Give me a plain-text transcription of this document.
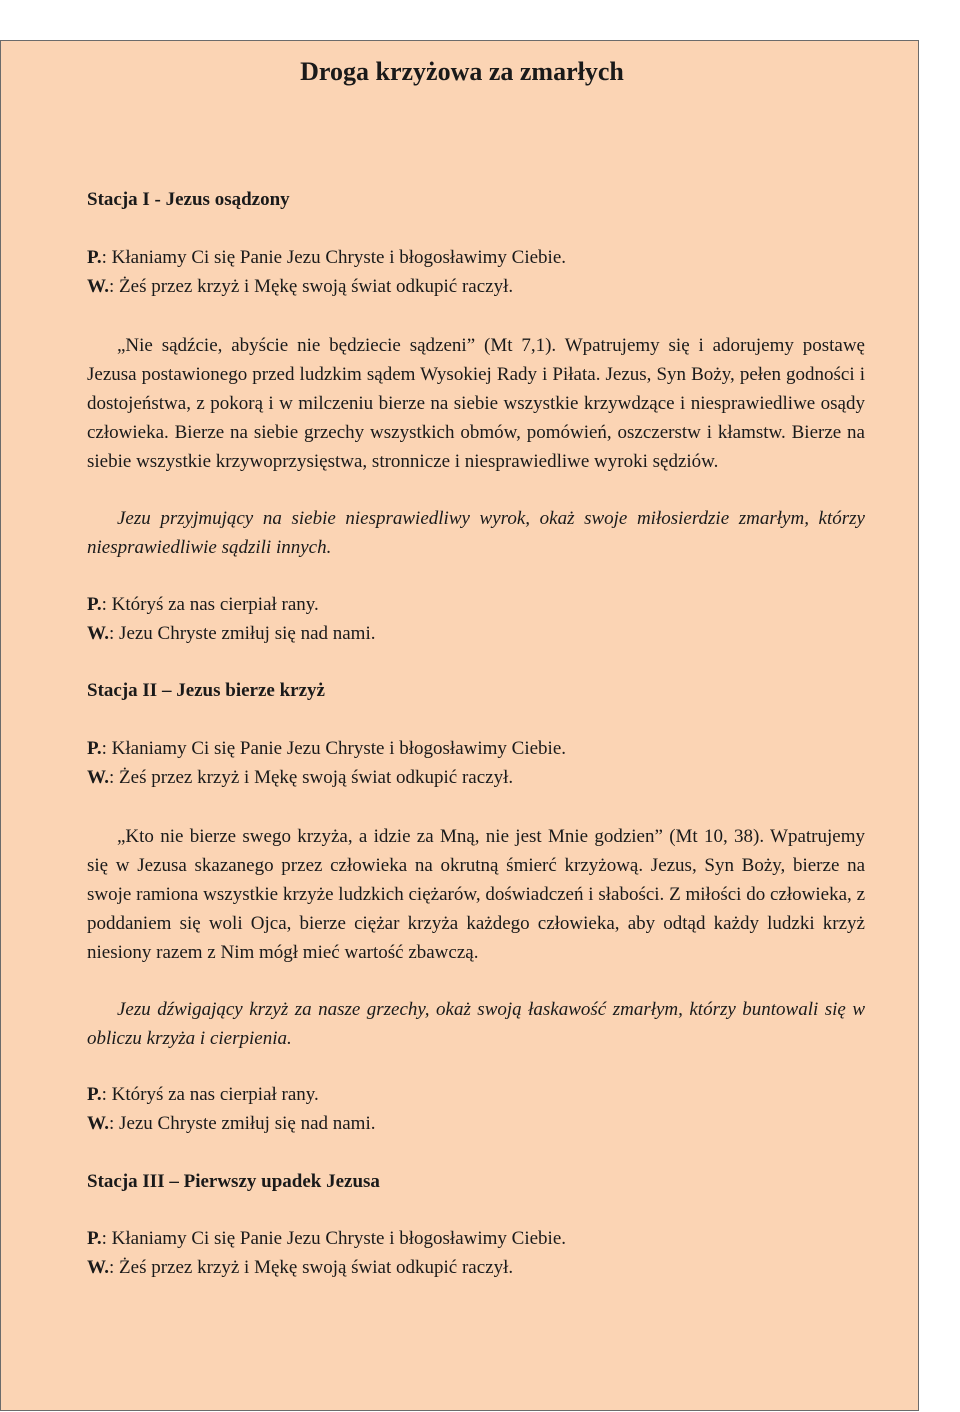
Droga krzyżowa za zmarłych

Stacja I - Jezus osądzony

P.: Kłaniamy Ci się Panie Jezu Chryste i błogosławimy Ciebie.

W.: Żeś przez krzyż i Mękę swoją świat odkupić raczył.

„Nie sądźcie, abyście nie będziecie sądzeni” (Mt 7,1). Wpatrujemy się i adorujemy postawę Jezusa postawionego przed ludzkim sądem Wysokiej Rady i Piłata. Jezus, Syn Boży, pełen godności i dostojeństwa, z pokorą i w milczeniu bierze na siebie wszystkie krzywdzące i niesprawiedliwe osądy człowieka. Bierze na siebie grzechy wszystkich obmów, pomówień, oszczerstw i kłamstw. Bierze na siebie wszystkie krzywoprzysięstwa, stronnicze i niesprawiedliwe wyroki sędziów.

Jezu przyjmujący na siebie niesprawiedliwy wyrok, okaż swoje miłosierdzie zmarłym, którzy niesprawiedliwie sądzili innych.

P.: Któryś za nas cierpiał rany.

W.: Jezu Chryste zmiłuj się nad nami.

Stacja II – Jezus bierze krzyż

P.: Kłaniamy Ci się Panie Jezu Chryste i błogosławimy Ciebie.

W.: Żeś przez krzyż i Mękę swoją świat odkupić raczył.

„Kto nie bierze swego krzyża, a idzie za Mną, nie jest Mnie godzien” (Mt 10, 38). Wpatrujemy się w Jezusa skazanego przez człowieka na okrutną śmierć krzyżową. Jezus, Syn Boży, bierze na swoje ramiona wszystkie krzyże ludzkich ciężarów, doświadczeń i słabości. Z miłości do człowieka, z poddaniem się woli Ojca, bierze ciężar krzyża każdego człowieka, aby odtąd każdy ludzki krzyż niesiony razem z Nim mógł mieć wartość zbawczą.

Jezu dźwigający krzyż za nasze grzechy, okaż swoją łaskawość zmarłym, którzy buntowali się w obliczu krzyża i cierpienia.

P.: Któryś za nas cierpiał rany.

W.: Jezu Chryste zmiłuj się nad nami.

Stacja III – Pierwszy upadek Jezusa

P.: Kłaniamy Ci się Panie Jezu Chryste i błogosławimy Ciebie.

W.: Żeś przez krzyż i Mękę swoją świat odkupić raczył.
